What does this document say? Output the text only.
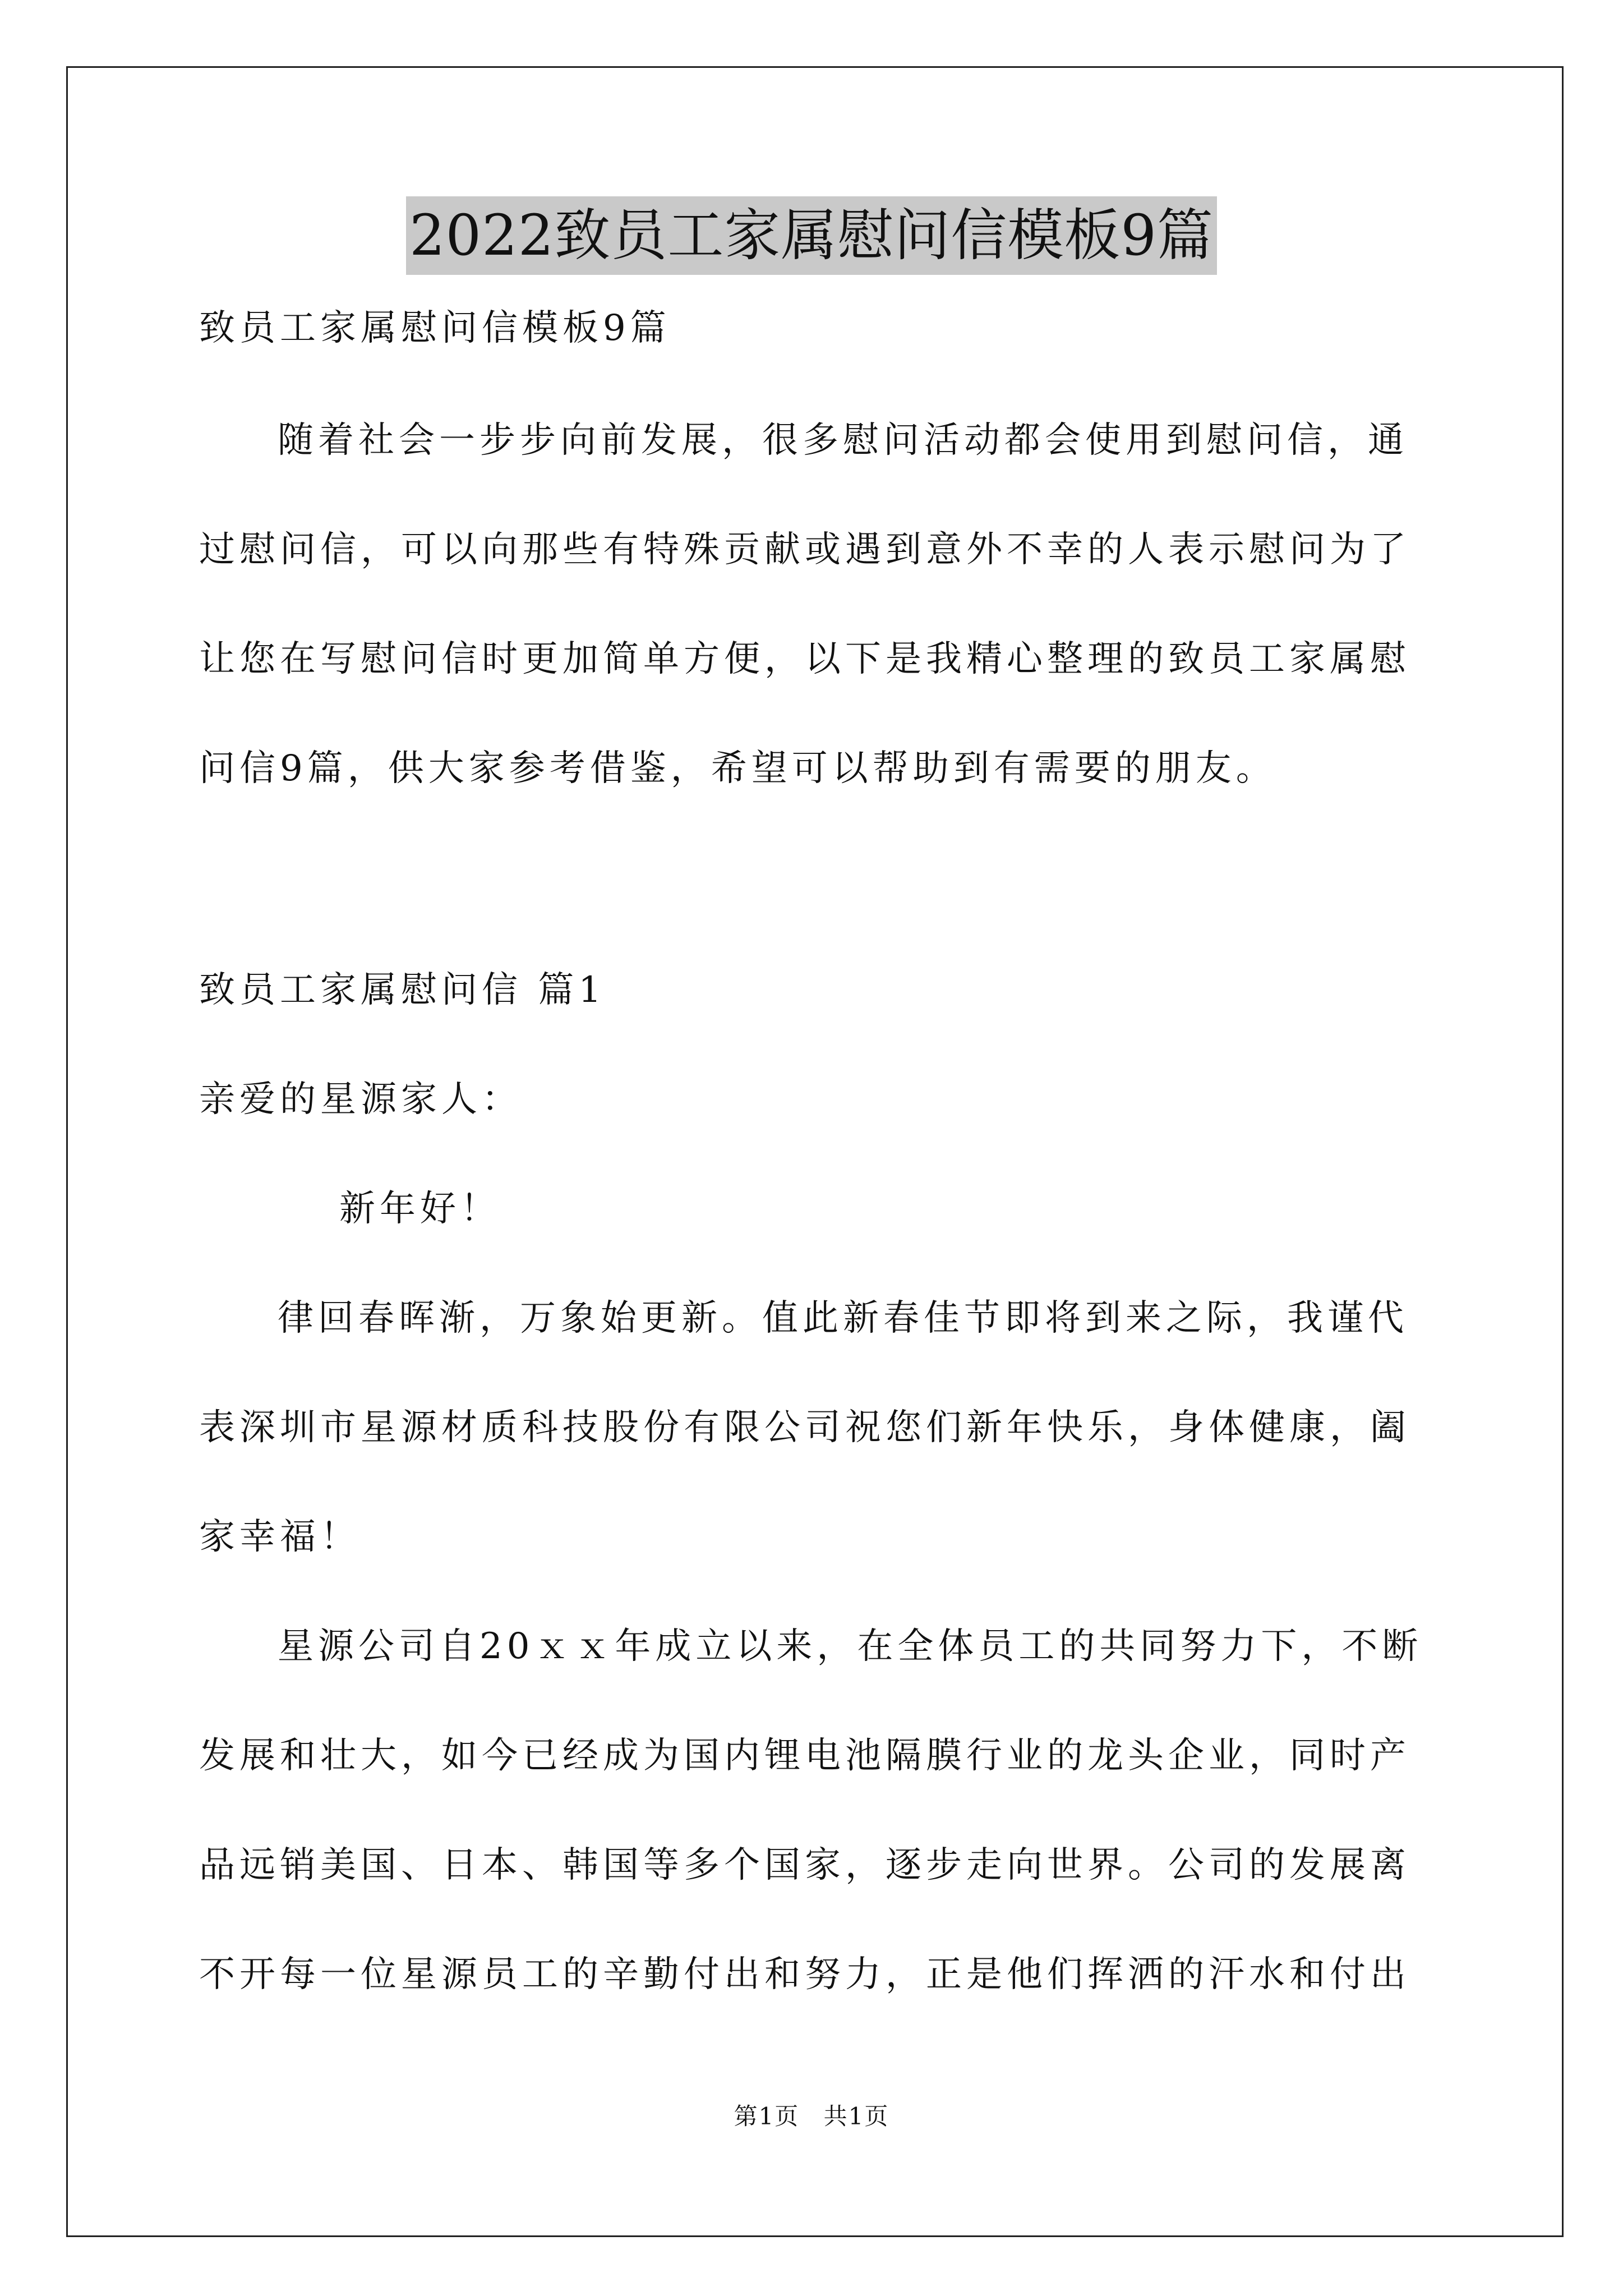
2022致员工家属慰问信模板9篇
致员工家属慰问信模板9篇
随着社会一步步向前发展，很多慰问活动都会使用到慰问信，通
过慰问信，可以向那些有特殊贡献或遇到意外不幸的人表示慰问为了
让您在写慰问信时更加简单方便，以下是我精心整理的致员工家属慰
问信9篇，供大家参考借鉴，希望可以帮助到有需要的朋友。
致员工家属慰问信 篇1
亲爱的星源家人：
新年好！
律回春晖渐，万象始更新。值此新春佳节即将到来之际，我谨代
表深圳市星源材质科技股份有限公司祝您们新年快乐，身体健康，阖
家幸福！
星源公司自20ｘｘ年成立以来，在全体员工的共同努力下，不断
发展和壮大，如今已经成为国内锂电池隔膜行业的龙头企业，同时产
品远销美国、日本、韩国等多个国家，逐步走向世界。公司的发展离
不开每一位星源员工的辛勤付出和努力，正是他们挥洒的汗水和付出
第1页 共1页
